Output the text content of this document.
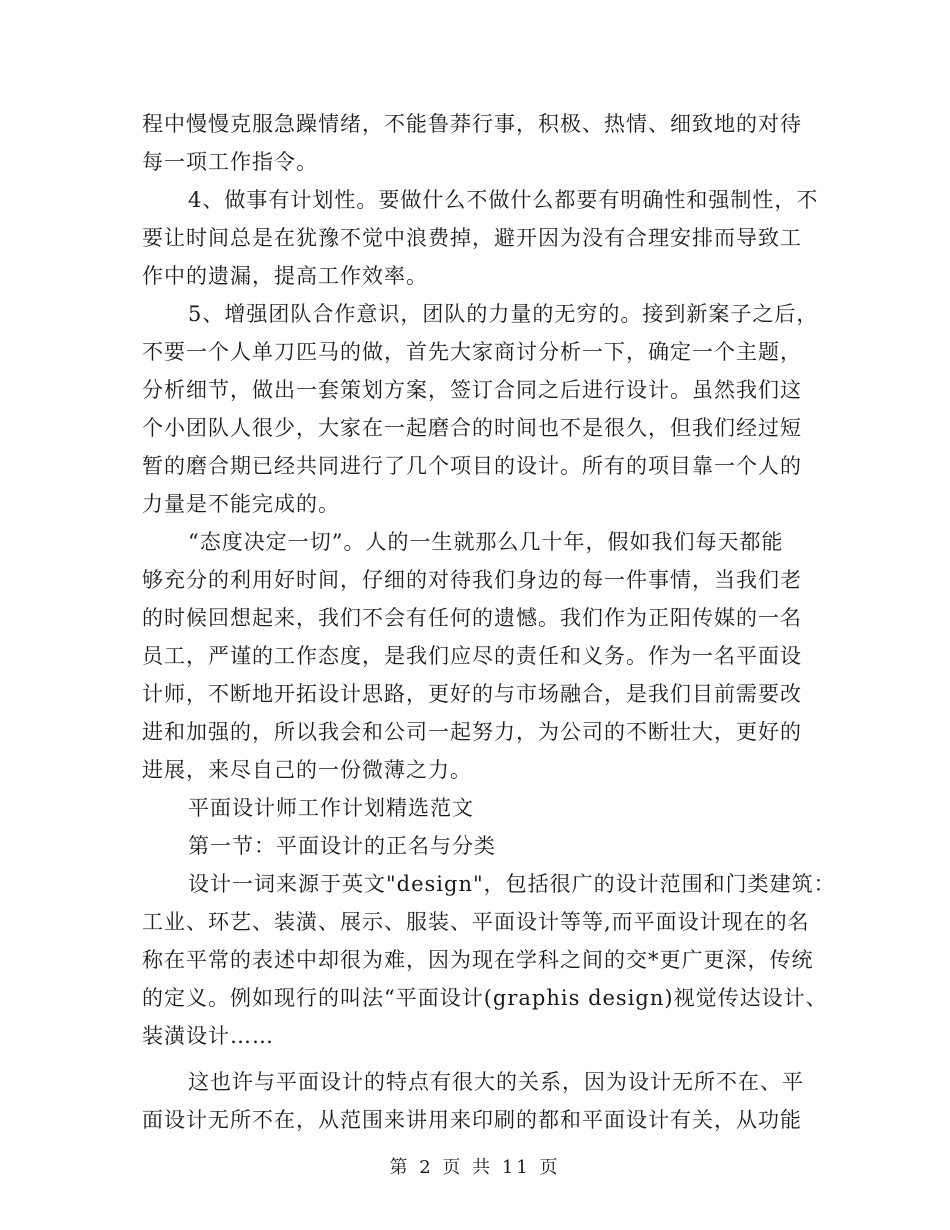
程中慢慢克服急躁情绪，不能鲁莽行事，积极、热情、细致地的对待
每一项工作指令。
4、做事有计划性。要做什么不做什么都要有明确性和强制性，不
要让时间总是在犹豫不觉中浪费掉，避开因为没有合理安排而导致工
作中的遗漏，提高工作效率。
5、增强团队合作意识，团队的力量的无穷的。接到新案子之后，
不要一个人单刀匹马的做，首先大家商讨分析一下，确定一个主题，
分析细节，做出一套策划方案，签订合同之后进行设计。虽然我们这
个小团队人很少，大家在一起磨合的时间也不是很久，但我们经过短
暂的磨合期已经共同进行了几个项目的设计。所有的项目靠一个人的
力量是不能完成的。
“态度决定一切”。人的一生就那么几十年，假如我们每天都能
够充分的利用好时间，仔细的对待我们身边的每一件事情，当我们老
的时候回想起来，我们不会有任何的遗憾。我们作为正阳传媒的一名
员工，严谨的工作态度，是我们应尽的责任和义务。作为一名平面设
计师，不断地开拓设计思路，更好的与市场融合，是我们目前需要改
进和加强的，所以我会和公司一起努力，为公司的不断壮大，更好的
进展，来尽自己的一份微薄之力。
平面设计师工作计划精选范文
第一节：平面设计的正名与分类
设计一词来源于英文"design"，包括很广的设计范围和门类建筑：
工业、环艺、装潢、展示、服装、平面设计等等,而平面设计现在的名
称在平常的表述中却很为难，因为现在学科之间的交*更广更深，传统
的定义。例如现行的叫法“平面设计(graphis design)视觉传达设计、
装潢设计……
这也许与平面设计的特点有很大的关系，因为设计无所不在、平
面设计无所不在，从范围来讲用来印刷的都和平面设计有关，从功能
第 2 页 共 11 页
